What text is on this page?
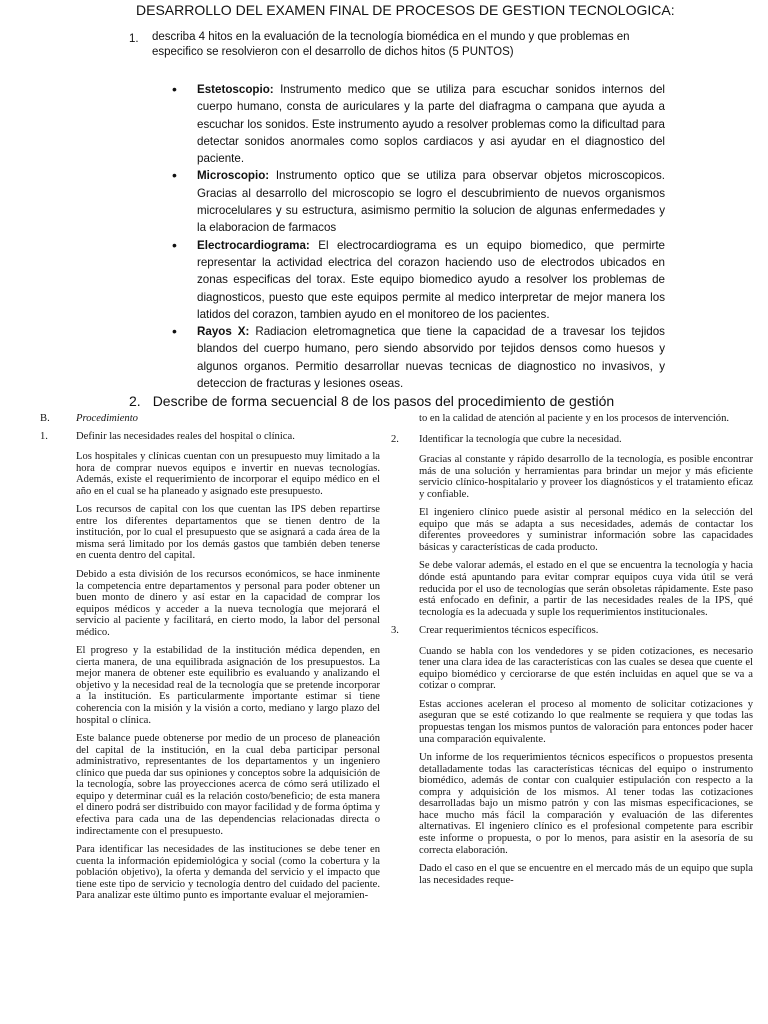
DESARROLLO DEL EXAMEN FINAL DE PROCESOS DE GESTION TECNOLOGICA:
1. describa 4 hitos en la evaluación de la tecnología biomédica en el mundo y que problemas en especifico se resolvieron con el desarrollo de dichos hitos (5 PUNTOS)
• Estetoscopio: Instrumento medico que se utiliza para escuchar sonidos internos del cuerpo humano, consta de auriculares y la parte del diafragma o campana que ayuda a escuchar los sonidos. Este instrumento ayudo a resolver problemas como la dificultad para detectar sonidos anormales como soplos cardiacos y asi ayudar en el diagnostico del paciente.
• Microscopio: Instrumento optico que se utiliza para observar objetos microscopicos. Gracias al desarrollo del microscopio se logro el descubrimiento de nuevos organismos microcelulares y su estructura, asimismo permitio la solucion de algunas enfermedades y la elaboracion de farmacos
• Electrocardiograma: El electrocardiograma es un equipo biomedico, que permirte representar la actividad electrica del corazon haciendo uso de electrodos ubicados en zonas especificas del torax. Este equipo biomedico ayudo a resolver los problemas de diagnosticos, puesto que este equipos permite al medico interpretar de mejor manera los latidos del corazon, tambien ayudo en el monitoreo de los pacientes.
• Rayos X: Radiacion eletromagnetica que tiene la capacidad de a travesar los tejidos blandos del cuerpo humano, pero siendo absorvido por tejidos densos como huesos y algunos organos. Permitio desarrollar nuevas tecnicas de diagnostico no invasivos, y deteccion de fracturas y lesiones oseas.
2. Describe de forma secuencial 8 de los pasos del procedimiento de gestión
B.	Procedimiento
1.	Definir las necesidades reales del hospital o clínica.
Los hospitales y clínicas cuentan con un presupuesto muy limitado a la hora de comprar nuevos equipos e invertir en nuevas tecnologías. Además, existe el requerimiento de incorporar el equipo médico en el año en el cual se ha planeado y asignado este presupuesto.
Los recursos de capital con los que cuentan las IPS deben repartirse entre los diferentes departamentos que se tienen dentro de la institución, por lo cual el presupuesto que se asignará a cada área de la misma será limitado por los demás gastos que también deben tenerse en cuenta dentro del capital.
Debido a esta división de los recursos económicos, se hace inminente la competencia entre departamentos y personal para poder obtener un buen monto de dinero y así estar en la capacidad de comprar los equipos médicos y acceder a la nueva tecnología que mejorará el servicio al paciente y facilitará, en cierto modo, la labor del personal médico.
El progreso y la estabilidad de la institución médica dependen, en cierta manera, de una equilibrada asignación de los presupuestos. La mejor manera de obtener este equilibrio es evaluando y analizando el objetivo y la necesidad real de la tecnología que se pretende incorporar a la institución. Es particularmente importante estimar si tiene coherencia con la misión y la visión a corto, mediano y largo plazo del hospital o clínica.
Este balance puede obtenerse por medio de un proceso de planeación del capital de la institución, en la cual deba participar personal administrativo, representantes de los departamentos y un ingeniero clínico que pueda dar sus opiniones y conceptos sobre la adquisición de la tecnología, sobre las proyecciones acerca de cómo será utilizado el equipo y determinar cuál es la relación costo/beneficio; de esta manera el dinero podrá ser distribuido con mayor facilidad y de forma óptima y efectiva para cada una de las dependencias relacionadas directa o indirectamente con el presupuesto.
Para identificar las necesidades de las instituciones se debe tener en cuenta la información epidemiológica y social (como la cobertura y la población objetivo), la oferta y demanda del servicio y el impacto que tiene este tipo de servicio y tecnología dentro del cuidado del paciente. Para analizar este último punto es importante evaluar el mejoramien-
to en la calidad de atención al paciente y en los procesos de intervención.
2.	Identificar la tecnología que cubre la necesidad.
Gracias al constante y rápido desarrollo de la tecnología, es posible encontrar más de una solución y herramientas para brindar un mejor y más eficiente servicio clínico-hospitalario y proveer los diagnósticos y el tratamiento eficaz y confiable.
El ingeniero clínico puede asistir al personal médico en la selección del equipo que más se adapta a sus necesidades, además de contactar los diferentes proveedores y suministrar información sobre las capacidades básicas y características de cada producto.
Se debe valorar además, el estado en el que se encuentra la tecnología y hacia dónde está apuntando para evitar comprar equipos cuya vida útil se verá reducida por el uso de tecnologías que serán obsoletas rápidamente. Este paso está enfocado en definir, a partir de las necesidades reales de la IPS, qué tecnología es la adecuada y suple los requerimientos institucionales.
3.	Crear requerimientos técnicos específicos.
Cuando se habla con los vendedores y se piden cotizaciones, es necesario tener una clara idea de las características con las cuales se desea que cuente el equipo biomédico y cerciorarse de que estén incluidas en aquel que se va a cotizar o comprar.
Estas acciones aceleran el proceso al momento de solicitar cotizaciones y aseguran que se esté cotizando lo que realmente se requiera y que todas las propuestas tengan los mismos puntos de valoración para entonces poder hacer una comparación equivalente.
Un informe de los requerimientos técnicos específicos o propuestos presenta detalladamente todas las características técnicas del equipo o instrumento biomédico, además de contar con cualquier estipulación con respecto a la compra y adquisición de los mismos. Al tener todas las cotizaciones desarrolladas bajo un mismo patrón y con las mismas especificaciones, se hace mucho más fácil la comparación y evaluación de las diferentes alternativas. El ingeniero clínico es el profesional competente para escribir este informe o propuesta, o por lo menos, para asistir en la asesoría de su correcta elaboración.
Dado el caso en el que se encuentre en el mercado más de un equipo que supla las necesidades reque-
